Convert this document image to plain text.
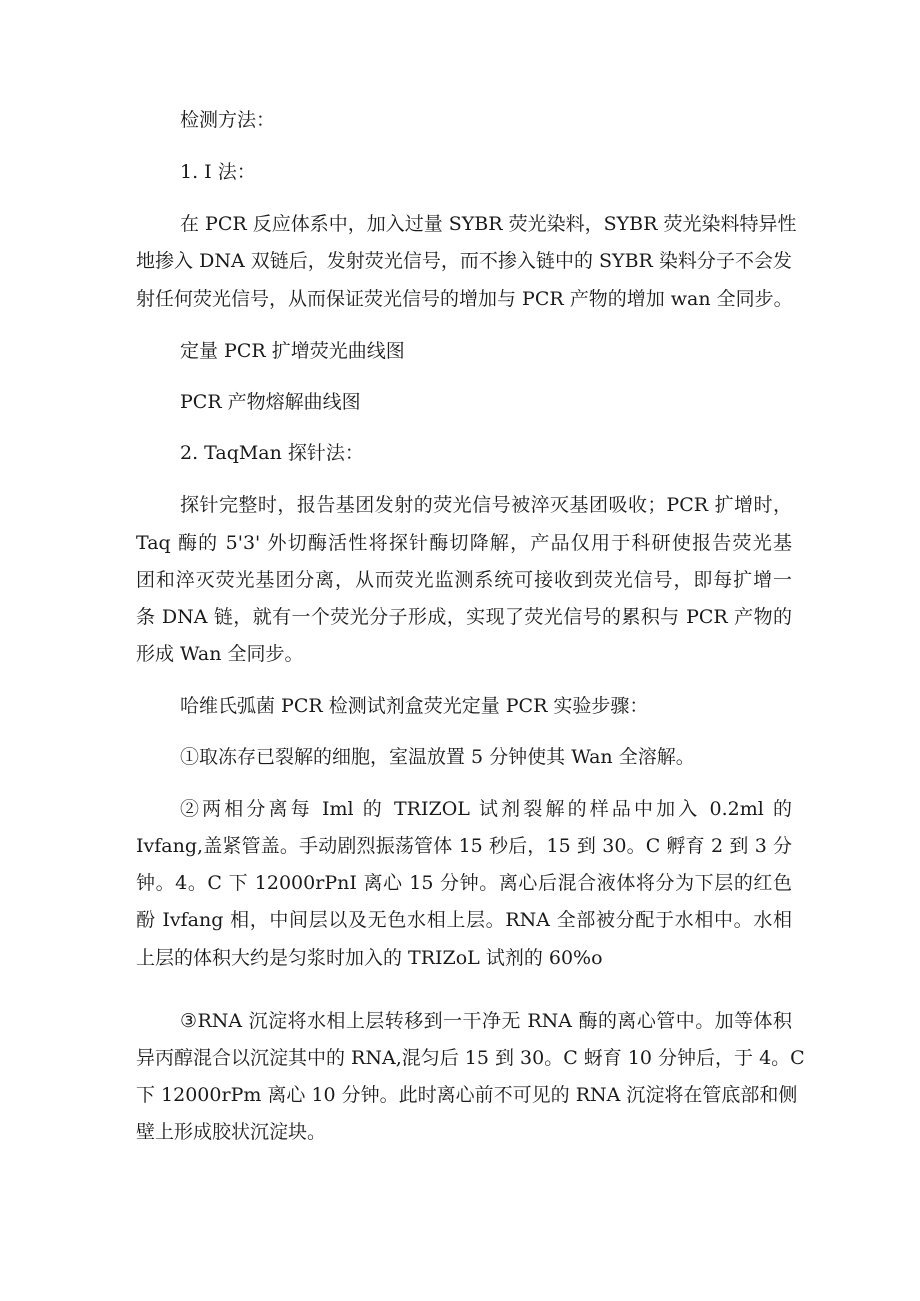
检测方法：

1. I 法：

在 PCR 反应体系中，加入过量 SYBR 荧光染料，SYBR 荧光染料特异性
地掺入 DNA 双链后，发射荧光信号，而不掺入链中的 SYBR 染料分子不会发
射任何荧光信号，从而保证荧光信号的增加与 PCR 产物的增加 wan 全同步。

定量 PCR 扩增荧光曲线图

PCR 产物熔解曲线图

2. TaqMan 探针法：

探针完整时，报告基团发射的荧光信号被淬灭基团吸收；PCR 扩增时，
Taq 酶的 5'3' 外切酶活性将探针酶切降解，产品仅用于科研使报告荧光基
团和淬灭荧光基团分离，从而荧光监测系统可接收到荧光信号，即每扩增一
条 DNA 链，就有一个荧光分子形成，实现了荧光信号的累积与 PCR 产物的
形成 Wan 全同步。

哈维氏弧菌 PCR 检测试剂盒荧光定量 PCR 实验步骤：

①取冻存已裂解的细胞，室温放置 5 分钟使其 Wan 全溶解。

②两相分离每 Iml 的 TRIZOL 试剂裂解的样品中加入 0.2ml 的
Ivfang,盖紧管盖。手动剧烈振荡管体 15 秒后，15 到 30。C 孵育 2 到 3 分
钟。4。C 下 12000rPnI 离心 15 分钟。离心后混合液体将分为下层的红色
酚 Ivfang 相，中间层以及无色水相上层。RNA 全部被分配于水相中。水相
上层的体积大约是匀浆时加入的 TRIZoL 试剂的 60%o
③RNA 沉淀将水相上层转移到一干净无 RNA 酶的离心管中。加等体积
异丙醇混合以沉淀其中的 RNA,混匀后 15 到 30。C 蚜育 10 分钟后，于 4。C
下 12000rPm 离心 10 分钟。此时离心前不可见的 RNA 沉淀将在管底部和侧
壁上形成胶状沉淀块。
